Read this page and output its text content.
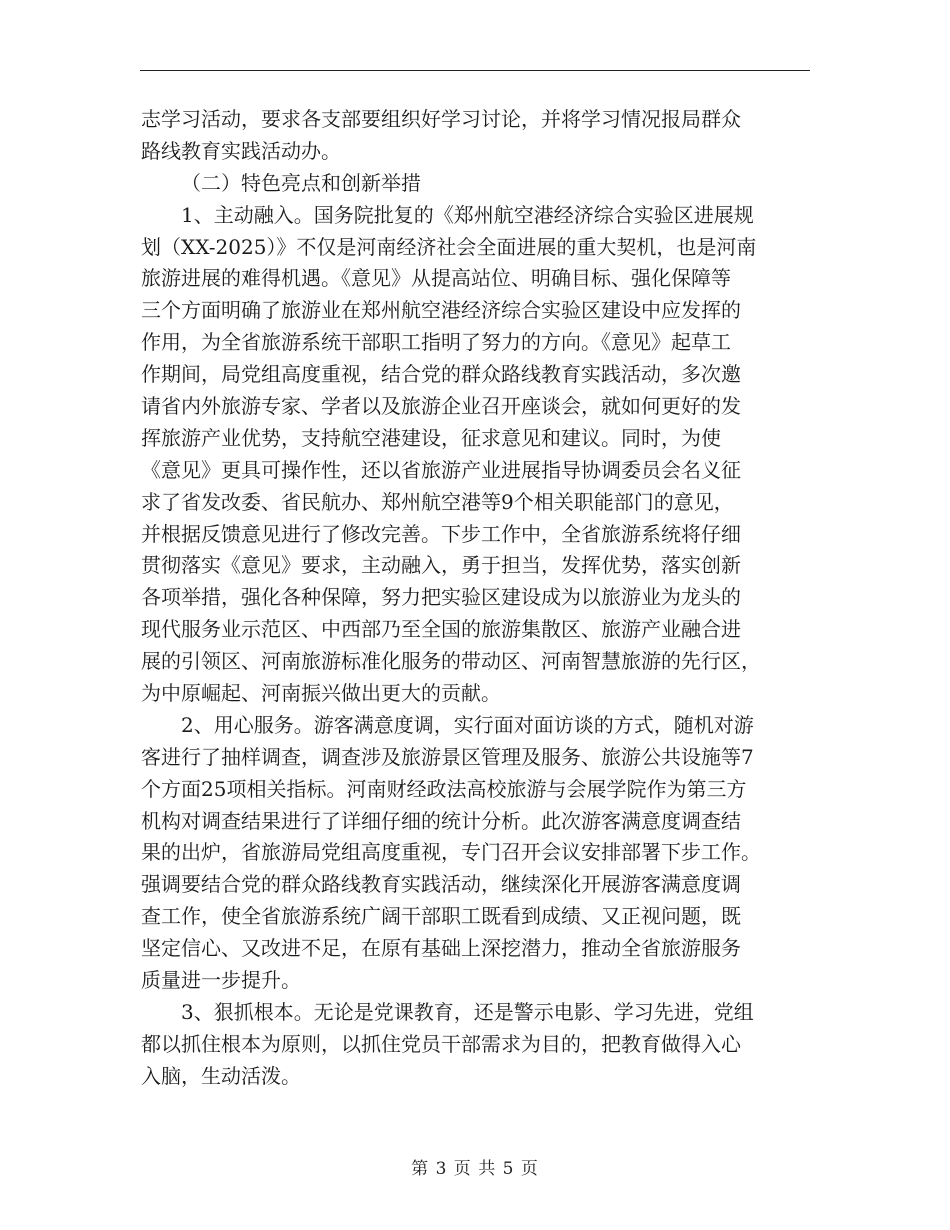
志学习活动，要求各支部要组织好学习讨论，并将学习情况报局群众
路线教育实践活动办。
（二）特色亮点和创新举措
1、主动融入。国务院批复的《郑州航空港经济综合实验区进展规
划（XX-2025）》不仅是河南经济社会全面进展的重大契机，也是河南
旅游进展的难得机遇。《意见》从提高站位、明确目标、强化保障等
三个方面明确了旅游业在郑州航空港经济综合实验区建设中应发挥的
作用，为全省旅游系统干部职工指明了努力的方向。《意见》起草工
作期间，局党组高度重视，结合党的群众路线教育实践活动，多次邀
请省内外旅游专家、学者以及旅游企业召开座谈会，就如何更好的发
挥旅游产业优势，支持航空港建设，征求意见和建议。同时，为使
《意见》更具可操作性，还以省旅游产业进展指导协调委员会名义征
求了省发改委、省民航办、郑州航空港等9个相关职能部门的意见，
并根据反馈意见进行了修改完善。下步工作中，全省旅游系统将仔细
贯彻落实《意见》要求，主动融入，勇于担当，发挥优势，落实创新
各项举措，强化各种保障，努力把实验区建设成为以旅游业为龙头的
现代服务业示范区、中西部乃至全国的旅游集散区、旅游产业融合进
展的引领区、河南旅游标准化服务的带动区、河南智慧旅游的先行区，
为中原崛起、河南振兴做出更大的贡献。
2、用心服务。游客满意度调，实行面对面访谈的方式，随机对游
客进行了抽样调查，调查涉及旅游景区管理及服务、旅游公共设施等7
个方面25项相关指标。河南财经政法高校旅游与会展学院作为第三方
机构对调查结果进行了详细仔细的统计分析。此次游客满意度调查结
果的出炉，省旅游局党组高度重视，专门召开会议安排部署下步工作。
强调要结合党的群众路线教育实践活动，继续深化开展游客满意度调
查工作，使全省旅游系统广阔干部职工既看到成绩、又正视问题，既
坚定信心、又改进不足，在原有基础上深挖潜力，推动全省旅游服务
质量进一步提升。
3、狠抓根本。无论是党课教育，还是警示电影、学习先进，党组
都以抓住根本为原则，以抓住党员干部需求为目的，把教育做得入心
入脑，生动活泼。
第 3 页 共 5 页
